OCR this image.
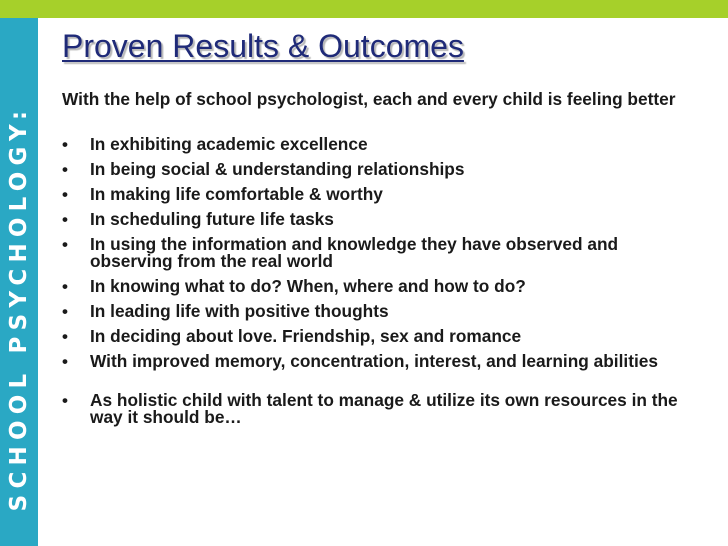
SCHOOL PSYCHOLOGY:
Proven Results & Outcomes

With the help of school psychologist, each and every child is feeling better

• In exhibiting academic excellence
• In being social & understanding relationships
• In making life comfortable & worthy
• In scheduling future life tasks
• In using the information and knowledge they have observed and observing from the real world
• In knowing what to do? When, where and how to do?
• In leading life with positive thoughts
• In deciding about love. Friendship, sex and romance
• With improved memory, concentration, interest, and learning abilities
• As holistic child with talent to manage & utilize its own resources in the way it should be…
